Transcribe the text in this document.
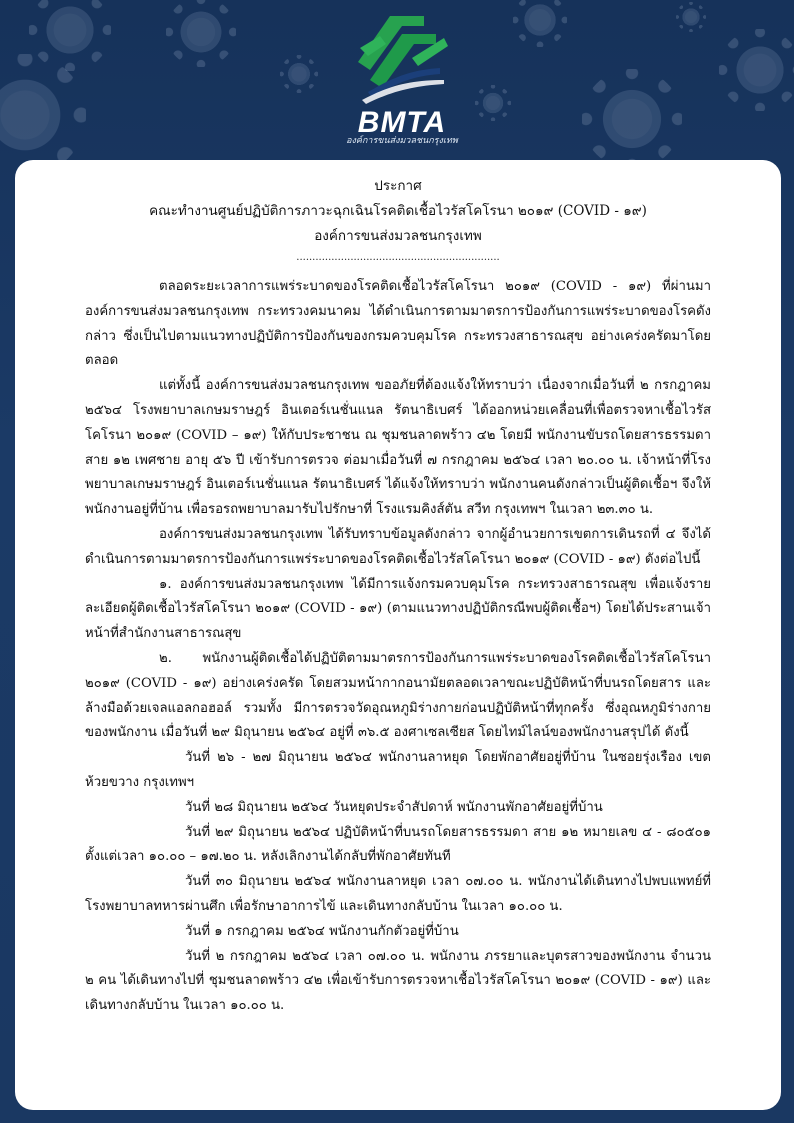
BMTA
องค์การขนส่งมวลชนกรุงเทพ
ประกาศ
คณะทำงานศูนย์ปฏิบัติการภาวะฉุกเฉินโรคติดเชื้อไวรัสโคโรนา ๒๐๑๙ (COVID - ๑๙)
องค์การขนส่งมวลชนกรุงเทพ
................................................................

ตลอดระยะเวลาการแพร่ระบาดของโรคติดเชื้อไวรัสโคโรนา ๒๐๑๙ (COVID - ๑๙) ที่ผ่านมาองค์การขนส่งมวลชนกรุงเทพ กระทรวงคมนาคม ได้ดำเนินการตามมาตรการป้องกันการแพร่ระบาดของโรคดังกล่าว ซึ่งเป็นไปตามแนวทางปฏิบัติการป้องกันของกรมควบคุมโรค กระทรวงสาธารณสุข อย่างเคร่งครัดมาโดยตลอด

แต่ทั้งนี้ องค์การขนส่งมวลชนกรุงเทพ ขออภัยที่ต้องแจ้งให้ทราบว่า เนื่องจากเมื่อวันที่ ๒ กรกฎาคม ๒๕๖๔ โรงพยาบาลเกษมราษฎร์ อินเตอร์เนชั่นแนล รัตนาธิเบศร์ ได้ออกหน่วยเคลื่อนที่เพื่อตรวจหาเชื้อไวรัสโคโรนา ๒๐๑๙ (COVID – ๑๙) ให้กับประชาชน ณ ชุมชนลาดพร้าว ๔๒ โดยมี พนักงานขับรถโดยสารธรรมดา สาย ๑๒ เพศชาย อายุ ๕๖ ปี เข้ารับการตรวจ ต่อมาเมื่อวันที่ ๗ กรกฎาคม ๒๕๖๔ เวลา ๒๐.๐๐ น. เจ้าหน้าที่โรงพยาบาลเกษมราษฎร์ อินเตอร์เนชั่นแนล รัตนาธิเบศร์ ได้แจ้งให้ทราบว่า พนักงานคนดังกล่าวเป็นผู้ติดเชื้อฯ จึงให้พนักงานอยู่ที่บ้าน เพื่อรอรถพยาบาลมารับไปรักษาที่ โรงแรมคิงส์ตัน สวีท กรุงเทพฯ ในเวลา ๒๓.๓๐ น.

องค์การขนส่งมวลชนกรุงเทพ ได้รับทราบข้อมูลดังกล่าว จากผู้อำนวยการเขตการเดินรถที่ ๔ จึงได้ดำเนินการตามมาตรการป้องกันการแพร่ระบาดของโรคติดเชื้อไวรัสโคโรนา ๒๐๑๙ (COVID - ๑๙) ดังต่อไปนี้

๑. องค์การขนส่งมวลชนกรุงเทพ ได้มีการแจ้งกรมควบคุมโรค กระทรวงสาธารณสุข เพื่อแจ้งรายละเอียดผู้ติดเชื้อไวรัสโคโรนา ๒๐๑๙ (COVID - ๑๙) (ตามแนวทางปฏิบัติกรณีพบผู้ติดเชื้อฯ) โดยได้ประสานเจ้าหน้าที่สำนักงานสาธารณสุข

๒. พนักงานผู้ติดเชื้อได้ปฏิบัติตามมาตรการป้องกันการแพร่ระบาดของโรคติดเชื้อไวรัสโคโรนา ๒๐๑๙ (COVID - ๑๙) อย่างเคร่งครัด โดยสวมหน้ากากอนามัยตลอดเวลาขณะปฏิบัติหน้าที่บนรถโดยสาร และล้างมือด้วยเจลแอลกอฮอล์ รวมทั้ง มีการตรวจวัดอุณหภูมิร่างกายก่อนปฏิบัติหน้าที่ทุกครั้ง ซึ่งอุณหภูมิร่างกายของพนักงาน เมื่อวันที่ ๒๙ มิถุนายน ๒๕๖๔ อยู่ที่ ๓๖.๕ องศาเซลเซียส โดยไทม์ไลน์ของพนักงานสรุปได้ ดังนี้

วันที่ ๒๖ - ๒๗ มิถุนายน ๒๕๖๔ พนักงานลาหยุด โดยพักอาศัยอยู่ที่บ้าน ในซอยรุ่งเรือง เขตห้วยขวาง กรุงเทพฯ

วันที่ ๒๘ มิถุนายน ๒๕๖๔ วันหยุดประจำสัปดาห์ พนักงานพักอาศัยอยู่ที่บ้าน

วันที่ ๒๙ มิถุนายน ๒๕๖๔ ปฏิบัติหน้าที่บนรถโดยสารธรรมดา สาย ๑๒ หมายเลข ๔ - ๘๐๕๐๑ ตั้งแต่เวลา ๑๐.๐๐ – ๑๗.๒๐ น. หลังเลิกงานได้กลับที่พักอาศัยทันที

วันที่ ๓๐ มิถุนายน ๒๕๖๔ พนักงานลาหยุด เวลา ๐๗.๐๐ น. พนักงานได้เดินทางไปพบแพทย์ที่โรงพยาบาลทหารผ่านศึก เพื่อรักษาอาการไข้ และเดินทางกลับบ้าน ในเวลา ๑๐.๐๐ น.

วันที่ ๑ กรกฎาคม ๒๕๖๔ พนักงานกักตัวอยู่ที่บ้าน

วันที่ ๒ กรกฎาคม ๒๕๖๔ เวลา ๐๗.๐๐ น. พนักงาน ภรรยาและบุตรสาวของพนักงาน จำนวน ๒ คน ได้เดินทางไปที่ ชุมชนลาดพร้าว ๔๒ เพื่อเข้ารับการตรวจหาเชื้อไวรัสโคโรนา ๒๐๑๙ (COVID - ๑๙) และเดินทางกลับบ้าน ในเวลา ๑๐.๐๐ น.
